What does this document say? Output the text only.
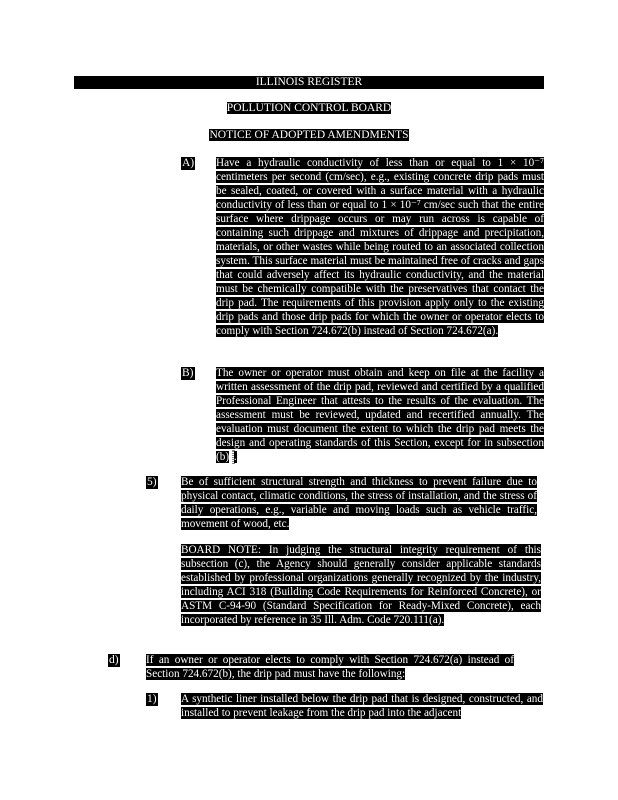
ILLINOIS REGISTER
POLLUTION CONTROL BOARD
NOTICE OF ADOPTED AMENDMENTS
A) Have a hydraulic conductivity of less than or equal to 1 × 10⁻⁷ centimeters per second (cm/sec), e.g., existing concrete drip pads must be sealed, coated, or covered with a surface material with a hydraulic conductivity of less than or equal to 1 × 10⁻⁷ cm/sec such that the entire surface where drippage occurs or may run across is capable of containing such drippage and mixtures of drippage and precipitation, materials, or other wastes while being routed to an associated collection system. This surface material must be maintained free of cracks and gaps that could adversely affect its hydraulic conductivity, and the material must be chemically compatible with the preservatives that contact the drip pad. The requirements of this provision apply only to the existing drip pads and those drip pads for which the owner or operator elects to comply with Section 724.672(b) instead of Section 724.672(a).
B) The owner or operator must obtain and keep on file at the facility a written assessment of the drip pad, reviewed and certified by a qualified Professional Engineer that attests to the results of the evaluation. The assessment must be reviewed, updated and recertified annually. The evaluation must document the extent to which the drip pad meets the design and operating standards of this Section, except for in subsection (b) .
5) Be of sufficient structural strength and thickness to prevent failure due to physical contact, climatic conditions, the stress of installation, and the stress of daily operations, e.g., variable and moving loads such as vehicle traffic, movement of wood, etc.
BOARD NOTE: In judging the structural integrity requirement of this subsection (c), the Agency should generally consider applicable standards established by professional organizations generally recognized by the industry, including ACI 318 (Building Code Requirements for Reinforced Concrete), or ASTM C-94-90 (Standard Specification for Ready-Mixed Concrete), each incorporated by reference in 35 Ill. Adm. Code 720.111(a).
d) If an owner or operator elects to comply with Section 724.672(a) instead of Section 724.672(b), the drip pad must have the following:
1) A synthetic liner installed below the drip pad that is designed, constructed, and installed to prevent leakage from the drip pad into the adjacent
